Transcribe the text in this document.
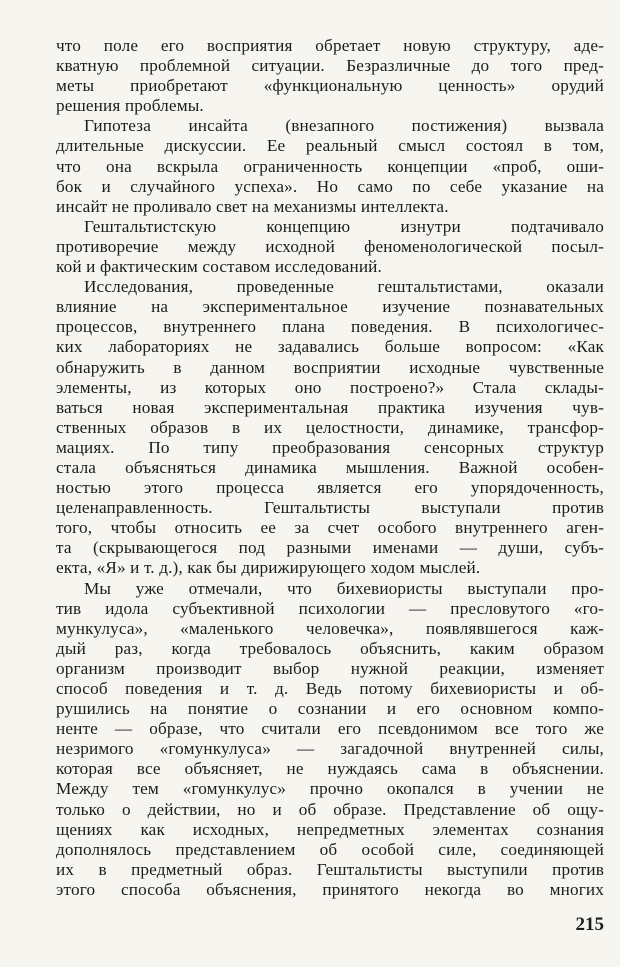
что поле его восприятия обретает новую структуру, аде-
кватную проблемной ситуации. Безразличные до того пред-
меты приобретают «функциональную ценность» орудий
решения проблемы.
Гипотеза инсайта (внезапного постижения) вызвала
длительные дискуссии. Ее реальный смысл состоял в том,
что она вскрыла ограниченность концепции «проб, оши-
бок и случайного успеха». Но само по себе указание на
инсайт не проливало свет на механизмы интеллекта.
Гештальтистскую концепцию изнутри подтачивало
противоречие между исходной феноменологической посыл-
кой и фактическим составом исследований.
Исследования, проведенные гештальтистами, оказали
влияние на экспериментальное изучение познавательных
процессов, внутреннего плана поведения. В психологичес-
ких лабораториях не задавались больше вопросом: «Как
обнаружить в данном восприятии исходные чувственные
элементы, из которых оно построено?» Стала склады-
ваться новая экспериментальная практика изучения чув-
ственных образов в их целостности, динамике, трансфор-
мациях. По типу преобразования сенсорных структур
стала объясняться динамика мышления. Важной особен-
ностью этого процесса является его упорядоченность,
целенаправленность. Гештальтисты выступали против
того, чтобы относить ее за счет особого внутреннего аген-
та (скрывающегося под разными именами — души, субъ-
екта, «Я» и т. д.), как бы дирижирующего ходом мыслей.
Мы уже отмечали, что бихевиористы выступали про-
тив идола субъективной психологии — пресловутого «го-
мункулуса», «маленького человечка», появлявшегося каж-
дый раз, когда требовалось объяснить, каким образом
организм производит выбор нужной реакции, изменяет
способ поведения и т. д. Ведь потому бихевиористы и об-
рушились на понятие о сознании и его основном компо-
ненте — образе, что считали его псевдонимом все того же
незримого «гомункулуса» — загадочной внутренней силы,
которая все объясняет, не нуждаясь сама в объяснении.
Между тем «гомункулус» прочно окопался в учении не
только о действии, но и об образе. Представление об ощу-
щениях как исходных, непредметных элементах сознания
дополнялось представлением об особой силе, соединяющей
их в предметный образ. Гештальтисты выступили против
этого способа объяснения, принятого некогда во многих
215
